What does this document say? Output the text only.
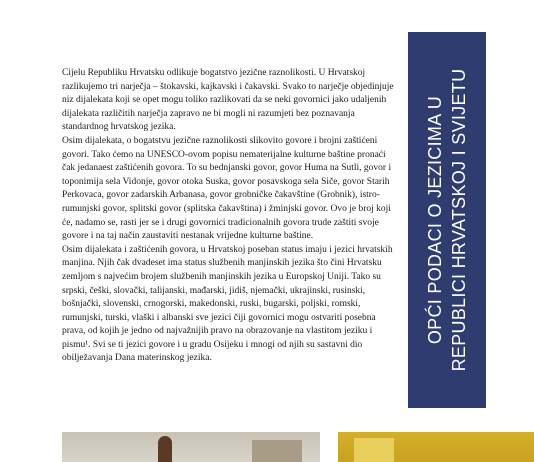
Cijelu Republiku Hrvatsku odlikuje bogatstvo jezične raznolikosti. U Hrvatskoj razlikujemo tri narječja – štokavski, kajkavski i čakavski. Svako to narječje objedinjuje niz dijalekata koji se opet mogu toliko razlikovati da se neki govornici jako udaljenih dijalekata različitih narječja zapravo ne bi mogli ni razumjeti bez poznavanja standardnog hrvatskog jezika.

Osim dijalekata, o bogatstvu jezične raznolikosti slikovito govore i brojni zaštićeni govori. Tako ćemo na UNESCO-ovom popisu nematerijalne kulturne baštine pronaći čak jedanaest zaštićenih govora. To su bednjanski govor, govor Huma na Sutli, govor i toponimija sela Vidonje, govor otoka Suska, govor posavskoga sela Siče, govor Starih Perkovaca, govor zadarskih Arbanasa, govor grobničke čakavštine (Grobnik), istro-rumunjski govor, splitski govor (splitska čakavština) i žminjski govor. Ovo je broj koji će, nadamo se, rasti jer se i drugi govornici tradicionalnih govora trude zaštiti svoje govore i na taj način zaustaviti nestanak vrijedne kulturne baštine.

Osim dijalekata i zaštićenih govora, u Hrvatskoj poseban status imaju i jezici hrvatskih manjina. Njih čak dvadeset ima status službenih manjinskih jezika što čini Hrvatsku zemljom s najvećim brojem službenih manjinskih jezika u Europskoj Uniji. Tako su srpski, češki, slovački, talijanski, mađarski, jidiš, njemački, ukrajinski, rusinski, bošnjački, slovenski, crnogorski, makedonski, ruski, bugarski, poljski, romski, rumunjski, turski, vlaški i albanski sve jezici čiji govornici mogu ostvariti posebna prava, od kojih je jedno od najvažnijih pravo na obrazovanje na vlastitom jeziku i pismu¹. Svi se ti jezici govore i u gradu Osijeku i mnogi od njih su sastavni dio obilježavanja Dana materinskog jezika.

OPĆI PODACI O JEZICIMA U REPUBLICI HRVATSKOJ I SVIJETU
